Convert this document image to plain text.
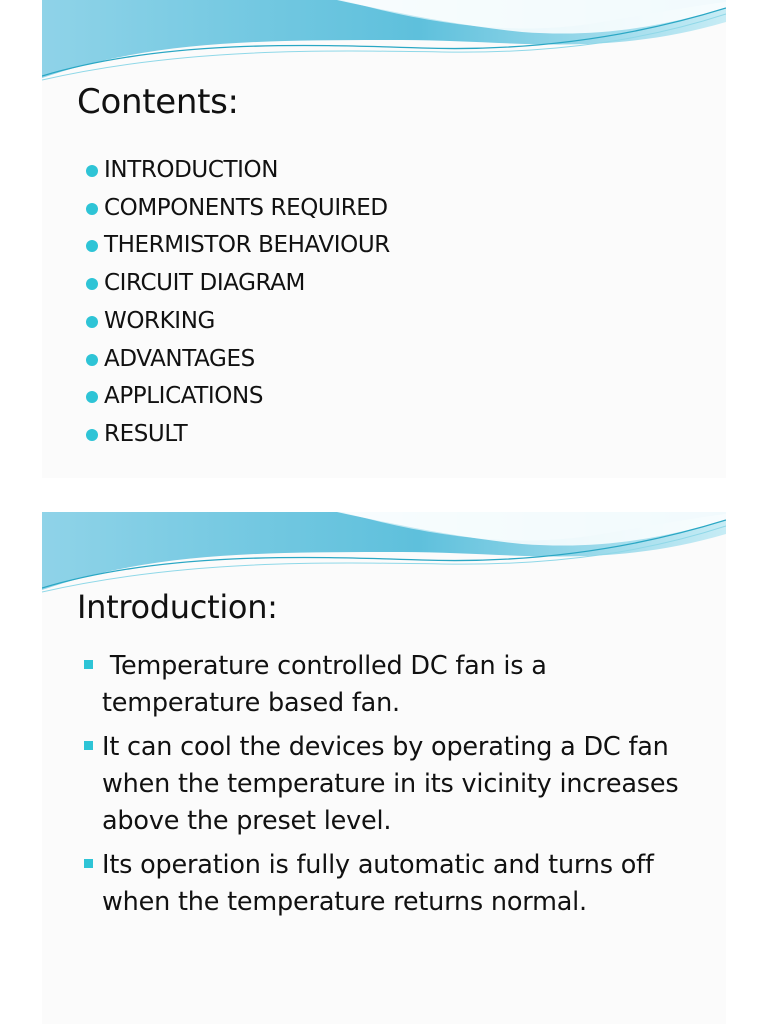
Contents:
INTRODUCTION
COMPONENTS REQUIRED
THERMISTOR BEHAVIOUR
CIRCUIT DIAGRAM
WORKING
ADVANTAGES
APPLICATIONS
RESULT
Introduction:
Temperature controlled DC fan is a temperature based fan.
It can cool the devices by operating a DC fan when the temperature in its vicinity increases above the preset level.
Its operation is fully automatic and turns off when the temperature returns normal.
